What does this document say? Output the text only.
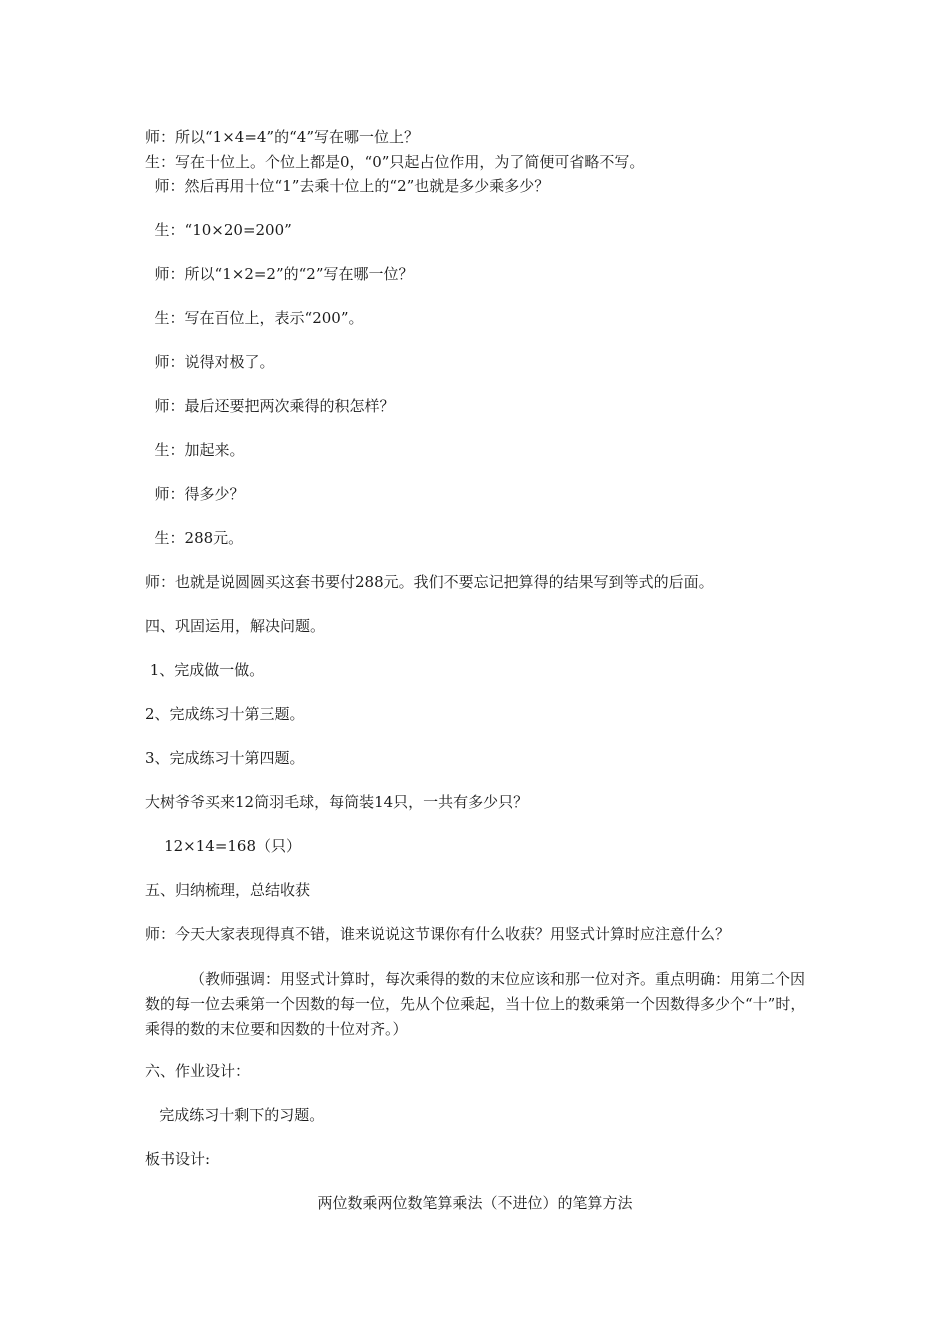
师：所以“1×4=4”的“4”写在哪一位上？
生：写在十位上。个位上都是0，“0”只起占位作用，为了简便可省略不写。
师：然后再用十位“1”去乘十位上的“2”也就是多少乘多少？
生：“10×20=200”
师：所以“1×2=2”的“2”写在哪一位？
生：写在百位上，表示“200”。
师：说得对极了。
师：最后还要把两次乘得的积怎样？
生：加起来。
师：得多少？
生：288元。
师：也就是说圆圆买这套书要付288元。我们不要忘记把算得的结果写到等式的后面。
四、巩固运用，解决问题。
1、完成做一做。
2、完成练习十第三题。
3、完成练习十第四题。
大树爷爷买来12筒羽毛球，每筒装14只，一共有多少只？
12×14=168（只）
五、归纳梳理，总结收获
师：今天大家表现得真不错，谁来说说这节课你有什么收获？用竖式计算时应注意什么？
（教师强调：用竖式计算时，每次乘得的数的末位应该和那一位对齐。重点明确：用第二个因数的每一位去乘第一个因数的每一位，先从个位乘起，当十位上的数乘第一个因数得多少个“十”时，乘得的数的末位要和因数的十位对齐。）
六、作业设计：
完成练习十剩下的习题。
板书设计:
两位数乘两位数笔算乘法（不进位）的笔算方法
